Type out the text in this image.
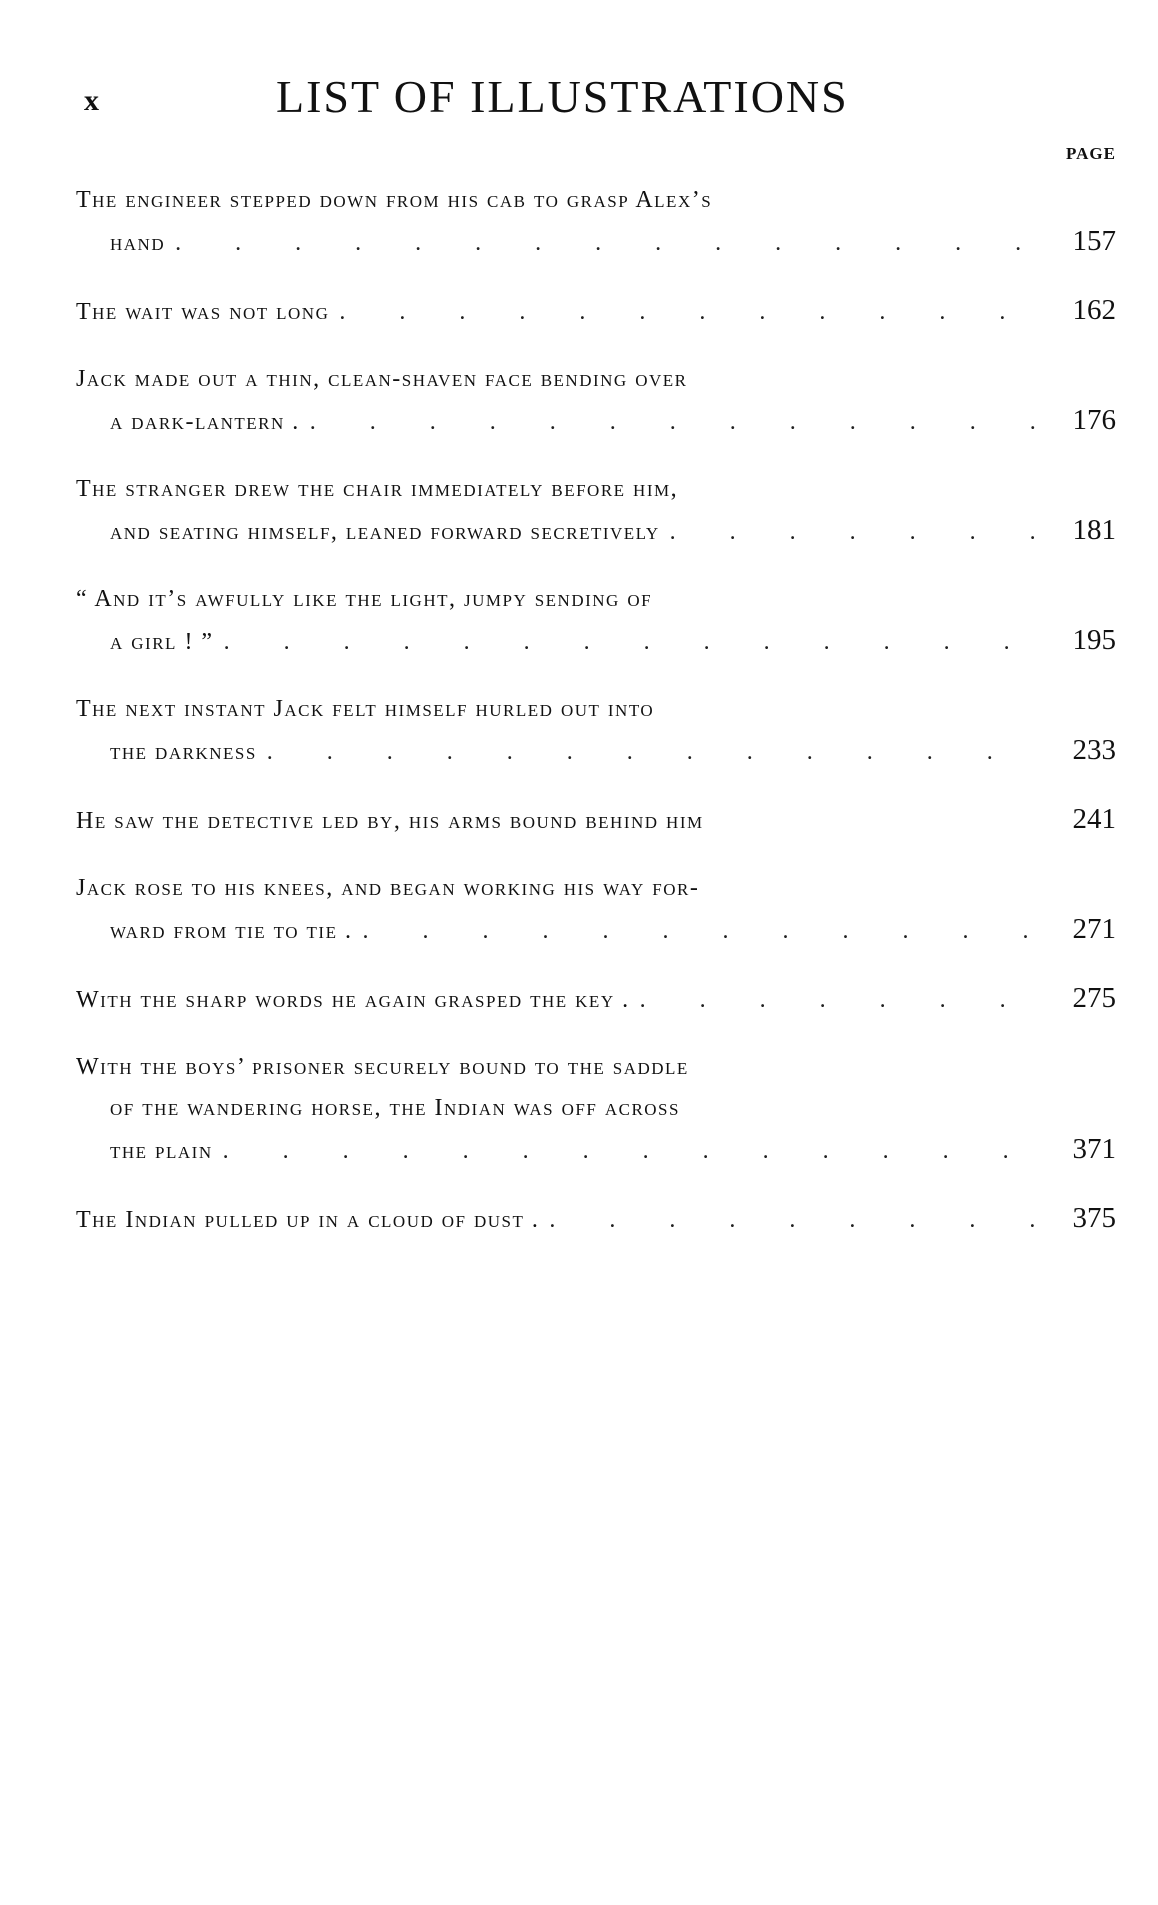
x	LIST OF ILLUSTRATIONS
PAGE
The engineer stepped down from his cab to grasp Alex’s
hand . . .	157
The wait was not long . . .	162
Jack made out a thin, clean-shaven face bending over
a dark-lantern . . . .	176
The stranger drew the chair immediately before him,
and seating himself, leaned forward secretively . . .	181
“ And it’s awfully like the light, jumpy sending of
a girl ! ” . . .	195
The next instant Jack felt himself hurled out into
the darkness . . .	233
He saw the detective led by, his arms bound behind him	241
Jack rose to his knees, and began working his way for-
ward from tie to tie . . . .	271
With the sharp words he again grasped the key . . . .	275
With the boys’ prisoner securely bound to the saddle
of the wandering horse, the Indian was off across
the plain . . .	371
The Indian pulled up in a cloud of dust . . . .	375
